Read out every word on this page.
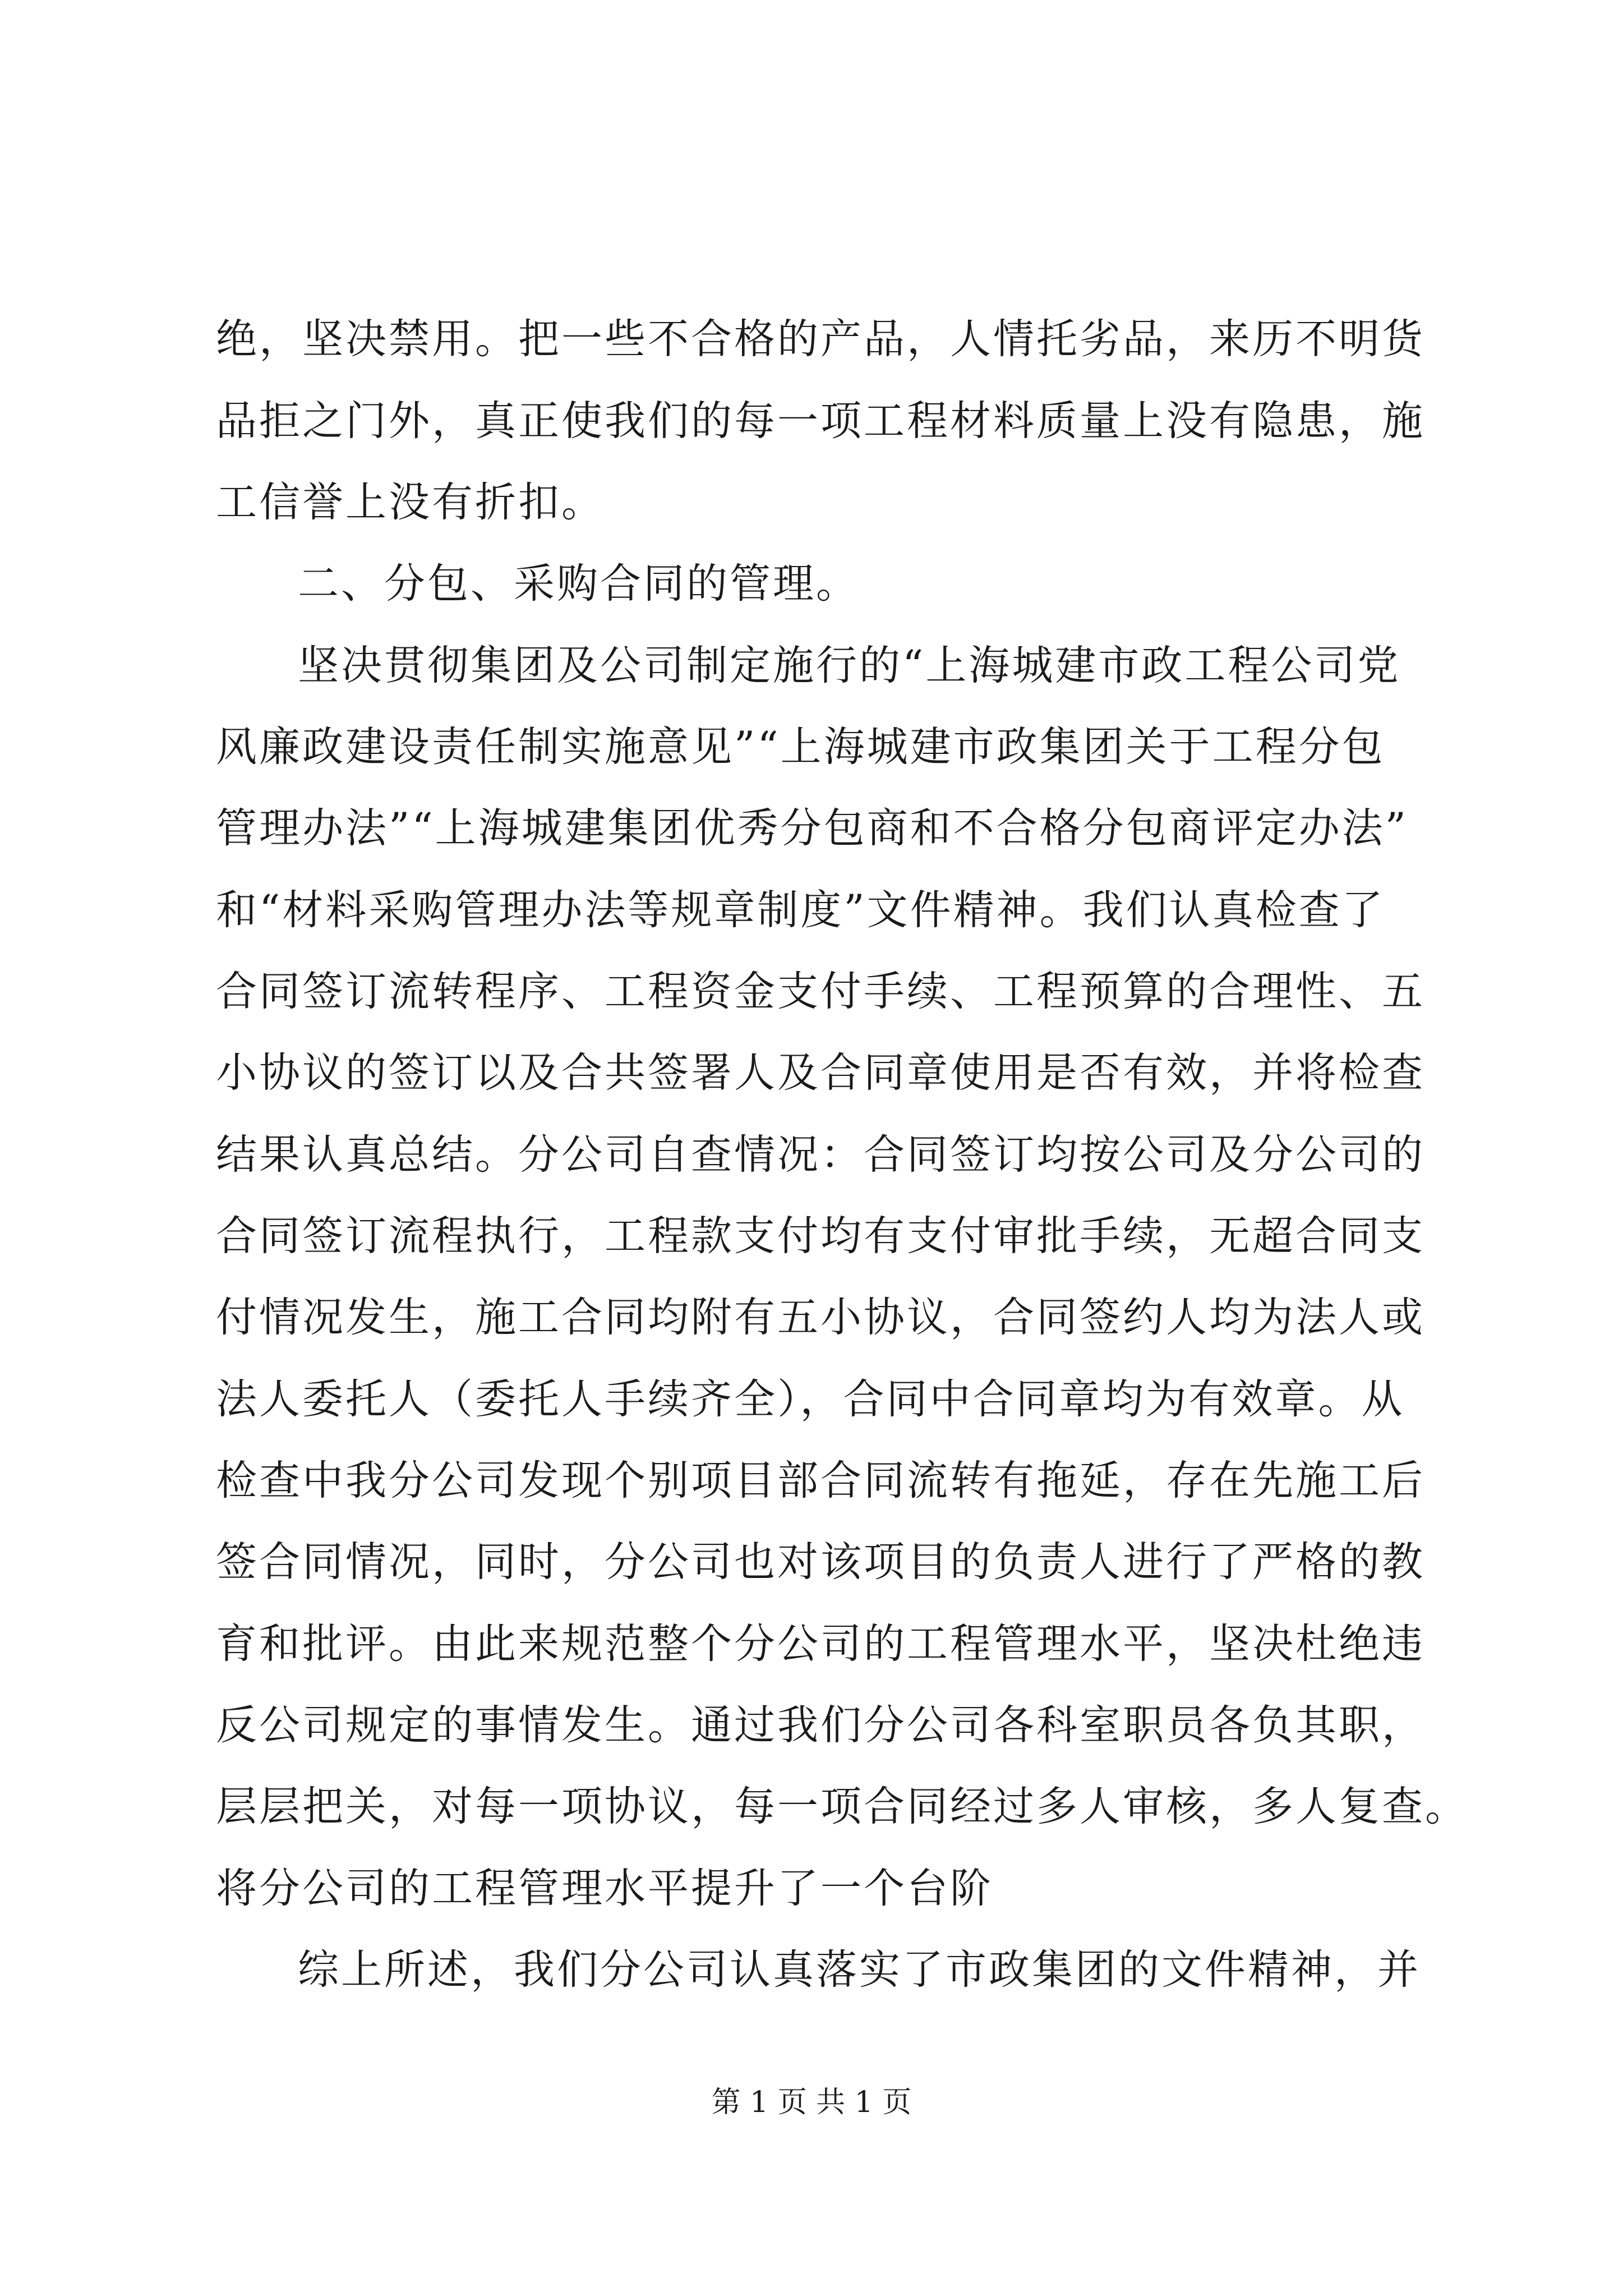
绝，坚决禁用。把一些不合格的产品，人情托劣品，来历不明货
品拒之门外，真正使我们的每一项工程材料质量上没有隐患，施
工信誉上没有折扣。
二、分包、采购合同的管理。
坚决贯彻集团及公司制定施行的“上海城建市政工程公司党
风廉政建设责任制实施意见”“上海城建市政集团关于工程分包
管理办法”“上海城建集团优秀分包商和不合格分包商评定办法”
和“材料采购管理办法等规章制度”文件精神。我们认真检查了
合同签订流转程序、工程资金支付手续、工程预算的合理性、五
小协议的签订以及合共签署人及合同章使用是否有效，并将检查
结果认真总结。分公司自查情况：合同签订均按公司及分公司的
合同签订流程执行，工程款支付均有支付审批手续，无超合同支
付情况发生，施工合同均附有五小协议，合同签约人均为法人或
法人委托人（委托人手续齐全），合同中合同章均为有效章。从
检查中我分公司发现个别项目部合同流转有拖延，存在先施工后
签合同情况，同时，分公司也对该项目的负责人进行了严格的教
育和批评。由此来规范整个分公司的工程管理水平，坚决杜绝违
反公司规定的事情发生。通过我们分公司各科室职员各负其职，
层层把关，对每一项协议，每一项合同经过多人审核，多人复查。
将分公司的工程管理水平提升了一个台阶
综上所述，我们分公司认真落实了市政集团的文件精神，并
第 1 页 共 1 页
